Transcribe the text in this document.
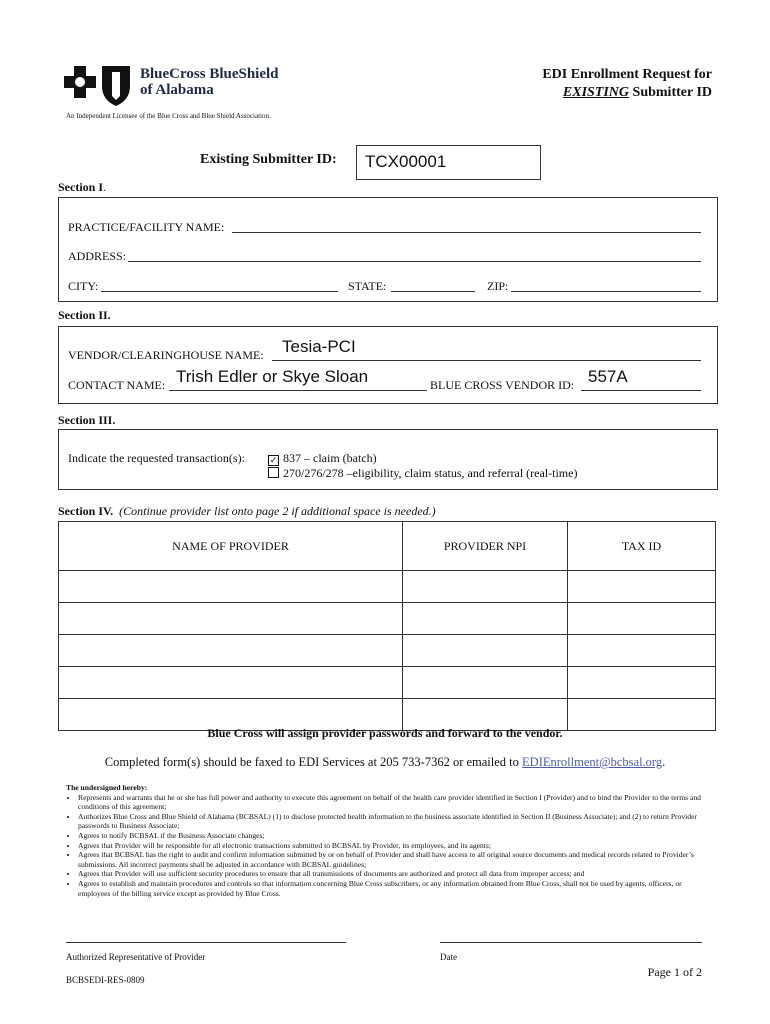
BlueCross BlueShield
of Alabama
An Independent Licensee of the Blue Cross and Blue Shield Association.
EDI Enrollment Request for
EXISTING Submitter ID
Existing Submitter ID: TCX00001
Section I.
PRACTICE/FACILITY NAME:
ADDRESS:
CITY:	STATE:	ZIP:
Section II.
VENDOR/CLEARINGHOUSE NAME: Tesia-PCI
CONTACT NAME: Trish Edler or Skye Sloan	BLUE CROSS VENDOR ID: 557A
Section III.
Indicate the requested transaction(s):	✓ 837 – claim (batch)
270/276/278 –eligibility, claim status, and referral (real-time)
Section IV. (Continue provider list onto page 2 if additional space is needed.)
NAME OF PROVIDER	PROVIDER NPI	TAX ID

Blue Cross will assign provider passwords and forward to the vendor.
Completed form(s) should be faxed to EDI Services at 205 733-7362 or emailed to EDIEnrollment@bcbsal.org.
The undersigned hereby:
• Represents and warrants that he or she has full power and authority to execute this agreement on behalf of the health care provider identified in Section I (Provider) and to bind the Provider to the terms and conditions of this agreement;
• Authorizes Blue Cross and Blue Shield of Alabama (BCBSAL) (1) to disclose protected health information to the business associate identified in Section II (Business Associate); and (2) to return Provider passwords to Business Associate;
• Agrees to notify BCBSAL if the Business Associate changes;
• Agrees that Provider will be responsible for all electronic transactions submitted to BCBSAL by Provider, its employees, and its agents;
• Agrees that BCBSAL has the right to audit and confirm information submitted by or on behalf of Provider and shall have access to all original source documents and medical records related to Provider’s submissions. All incorrect payments shall be adjusted in accordance with BCBSAL guidelines;
• Agrees that Provider will use sufficient security procedures to ensure that all transmissions of documents are authorized and protect all data from improper access; and
• Agrees to establish and maintain procedures and controls so that information concerning Blue Cross subscribers, or any information obtained from Blue Cross, shall not be used by agents, officers, or employees of the billing service except as provided by Blue Cross.
Authorized Representative of Provider	Date
Page 1 of 2
BCBSEDI-RES-0809
